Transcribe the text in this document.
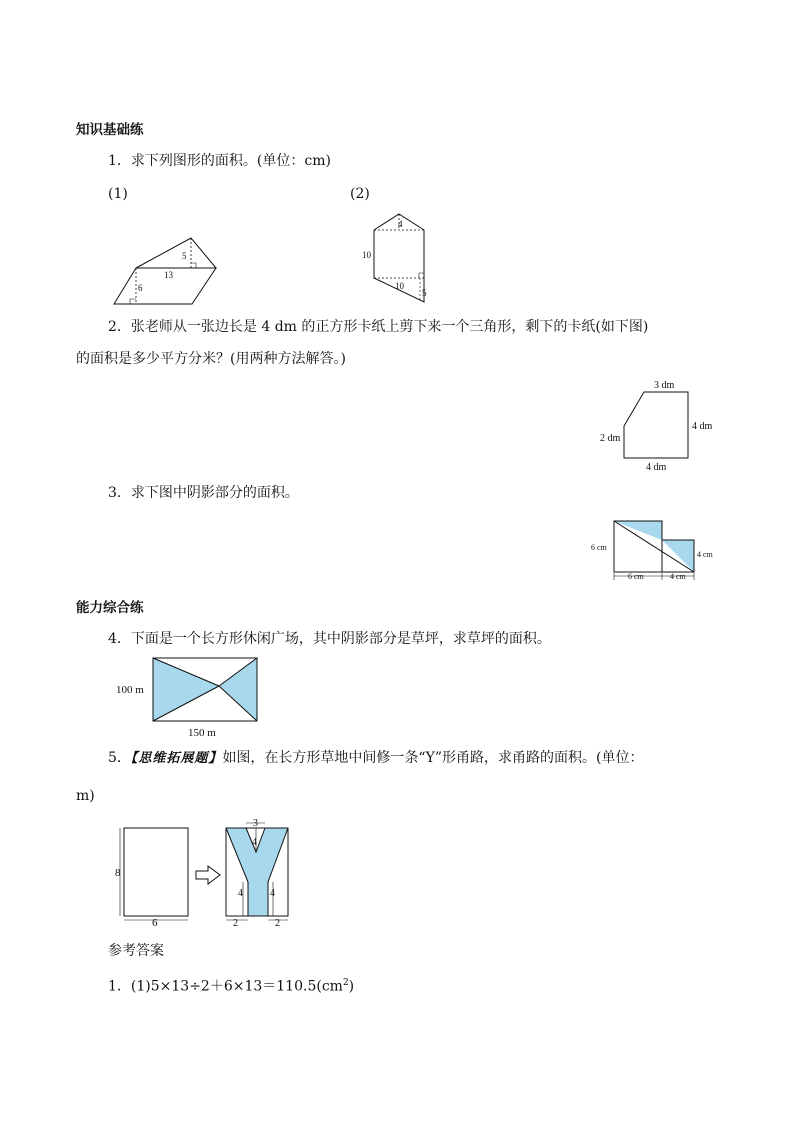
知识基础练
1．求下列图形的面积。(单位：cm)
(1)	(2)
5
13
6
4
10
10
5
2．张老师从一张边长是 4 dm 的正方形卡纸上剪下来一个三角形，剩下的卡纸(如下图)
的面积是多少平方分米？(用两种方法解答。)
3 dm
4 dm
2 dm
4 dm
3．求下图中阴影部分的面积。
6 cm
4 cm
6 cm	4 cm
能力综合练
4．下面是一个长方形休闲广场，其中阴影部分是草坪，求草坪的面积。
100 m
150 m
5．【思维拓展题】如图，在长方形草地中间修一条“Y”形甬路，求甬路的面积。(单位：
m)
8
6
3
4
4	4
2	2
参考答案
1．$(1)5\times 13\div 2+6\times 13=110.5(cm^2)$
